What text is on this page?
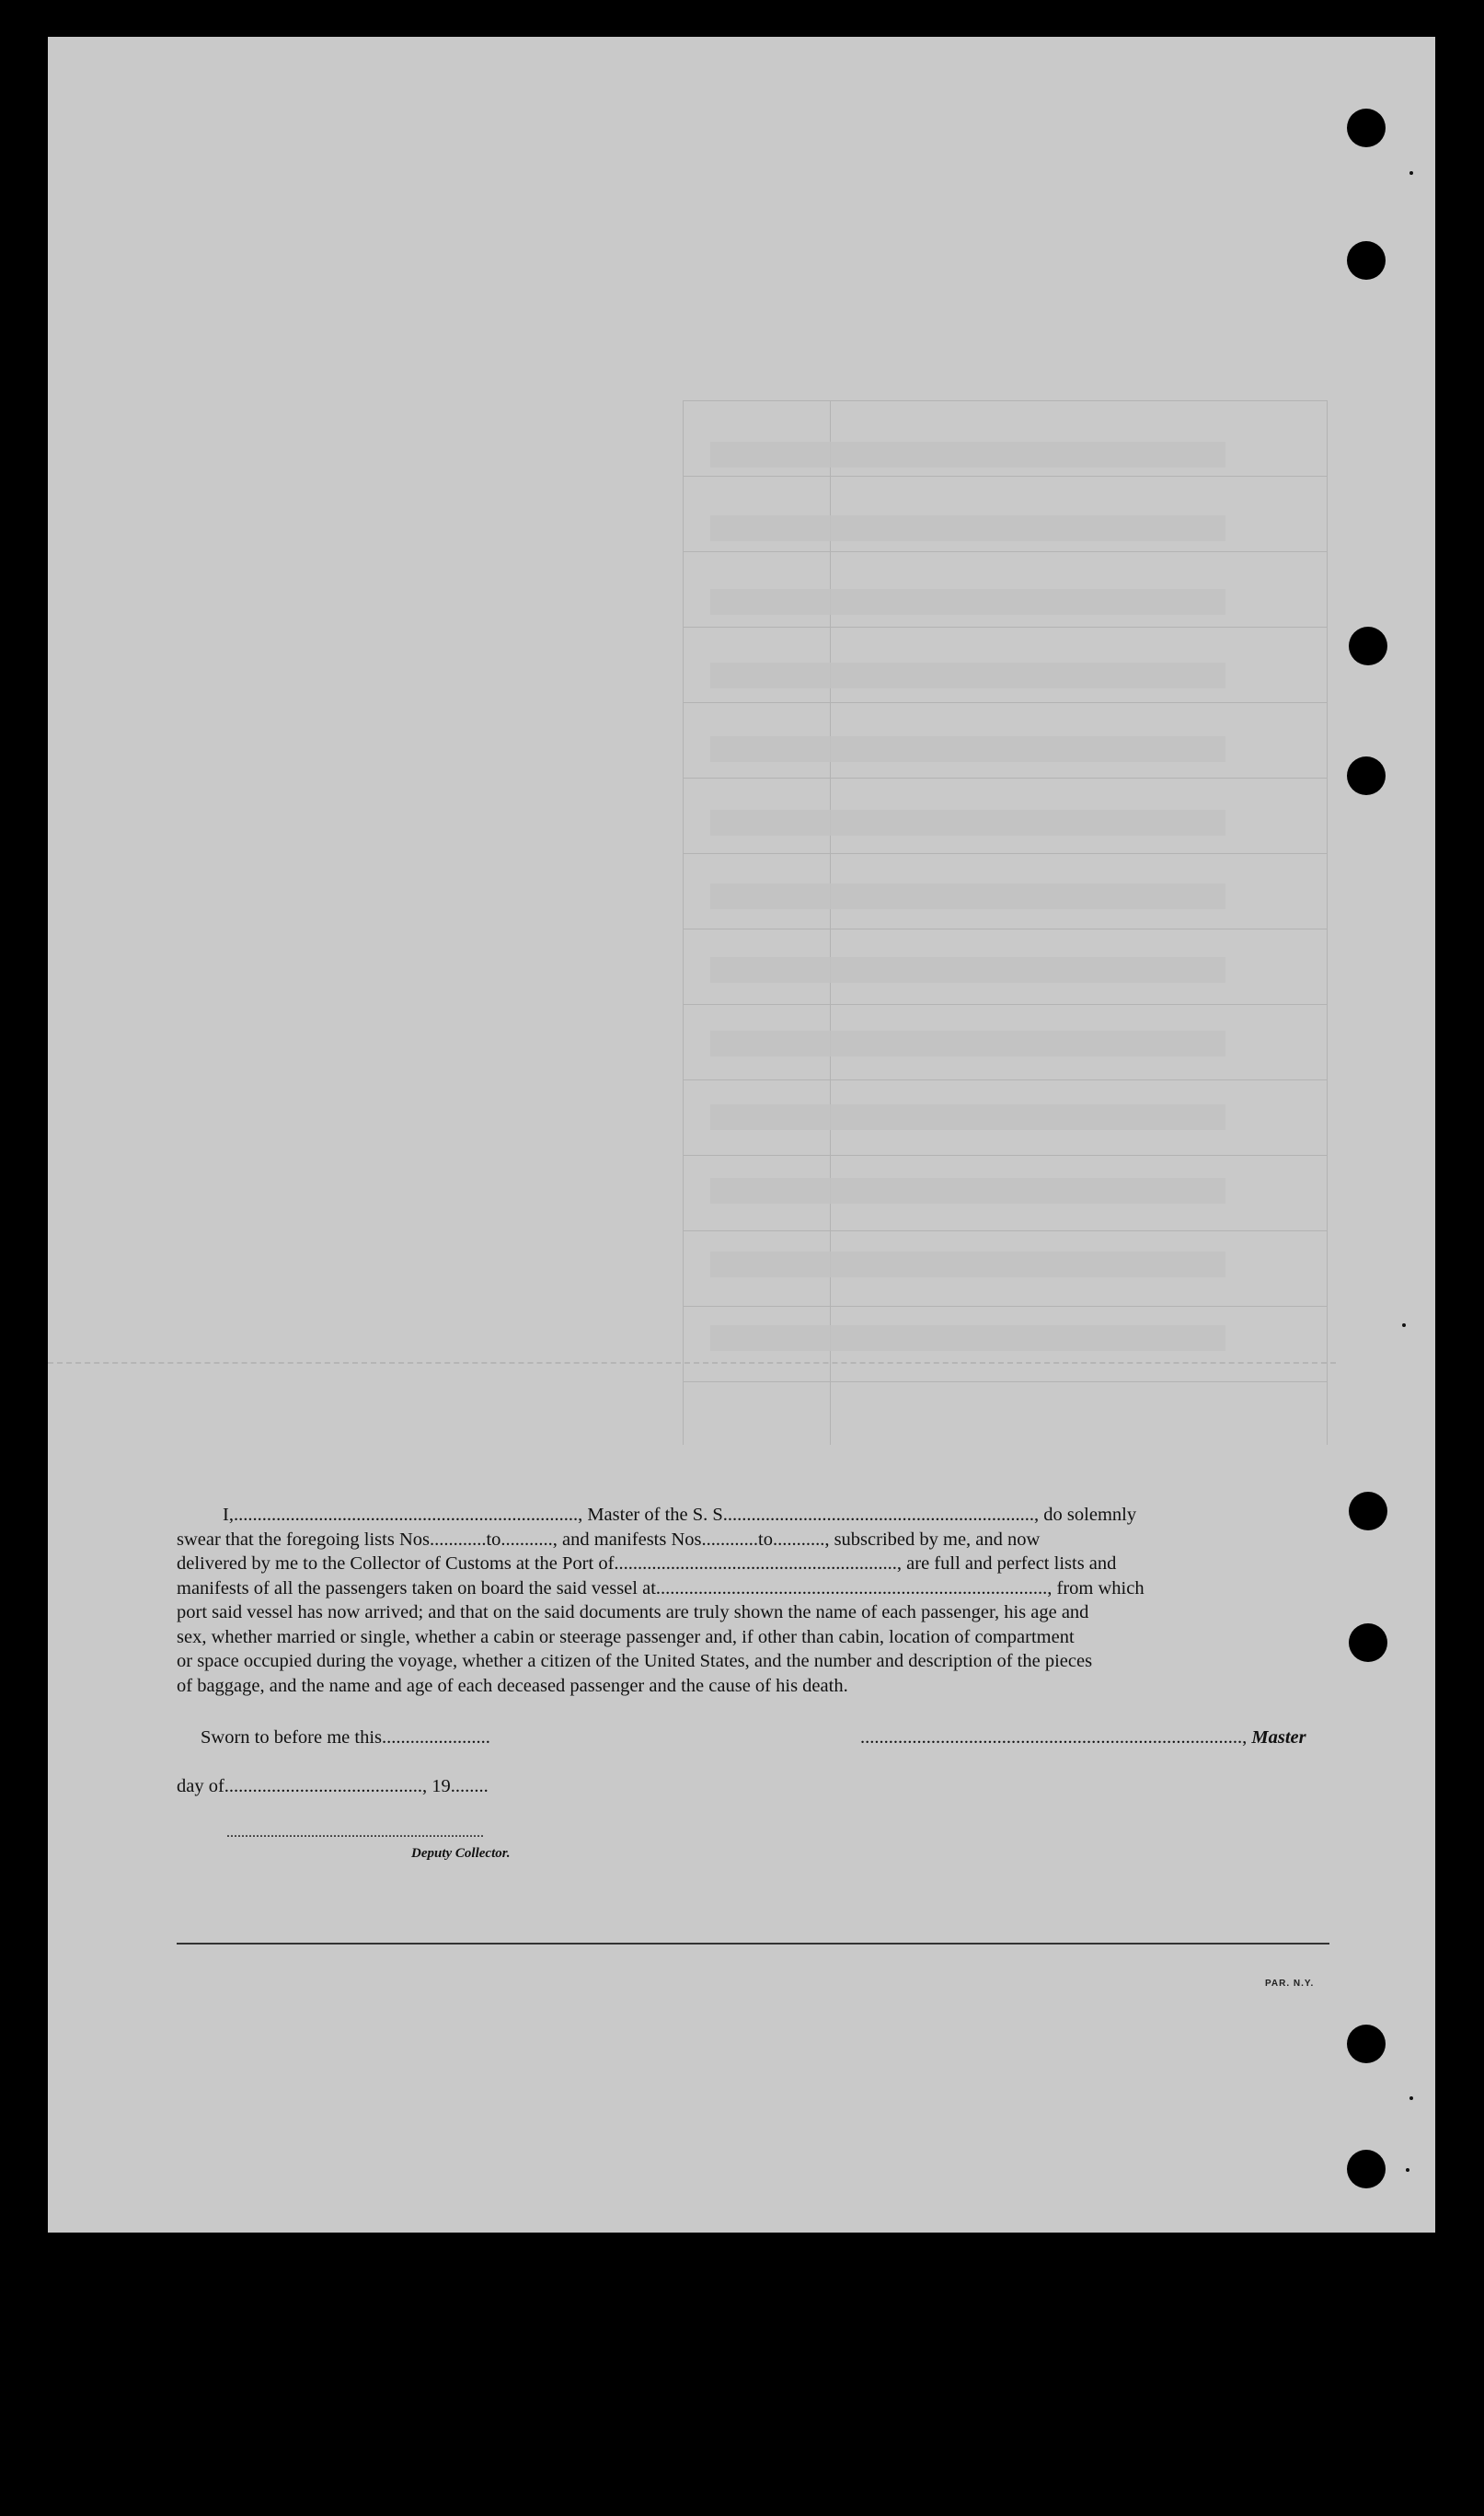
I,........................................................................., Master of the S. S.................................................................., do solemnly

swear that the foregoing lists Nos............to..........., and manifests Nos............to..........., subscribed by me, and now

delivered by me to the Collector of Customs at the Port of............................................................, are full and perfect lists and

manifests of all the passengers taken on board the said vessel at..................................................................................., from which

port said vessel has now arrived; and that on the said documents are truly shown the name of each passenger, his age and

sex, whether married or single, whether a cabin or steerage passenger and, if other than cabin, location of compartment

or space occupied during the voyage, whether a citizen of the United States, and the number and description of the pieces

of baggage, and the name and age of each deceased passenger and the cause of his death.

Sworn to before me this.......................	................................................................................., Master
day of.........................................., 19........
......................................................................
Deputy Collector.
PAR. N.Y.
